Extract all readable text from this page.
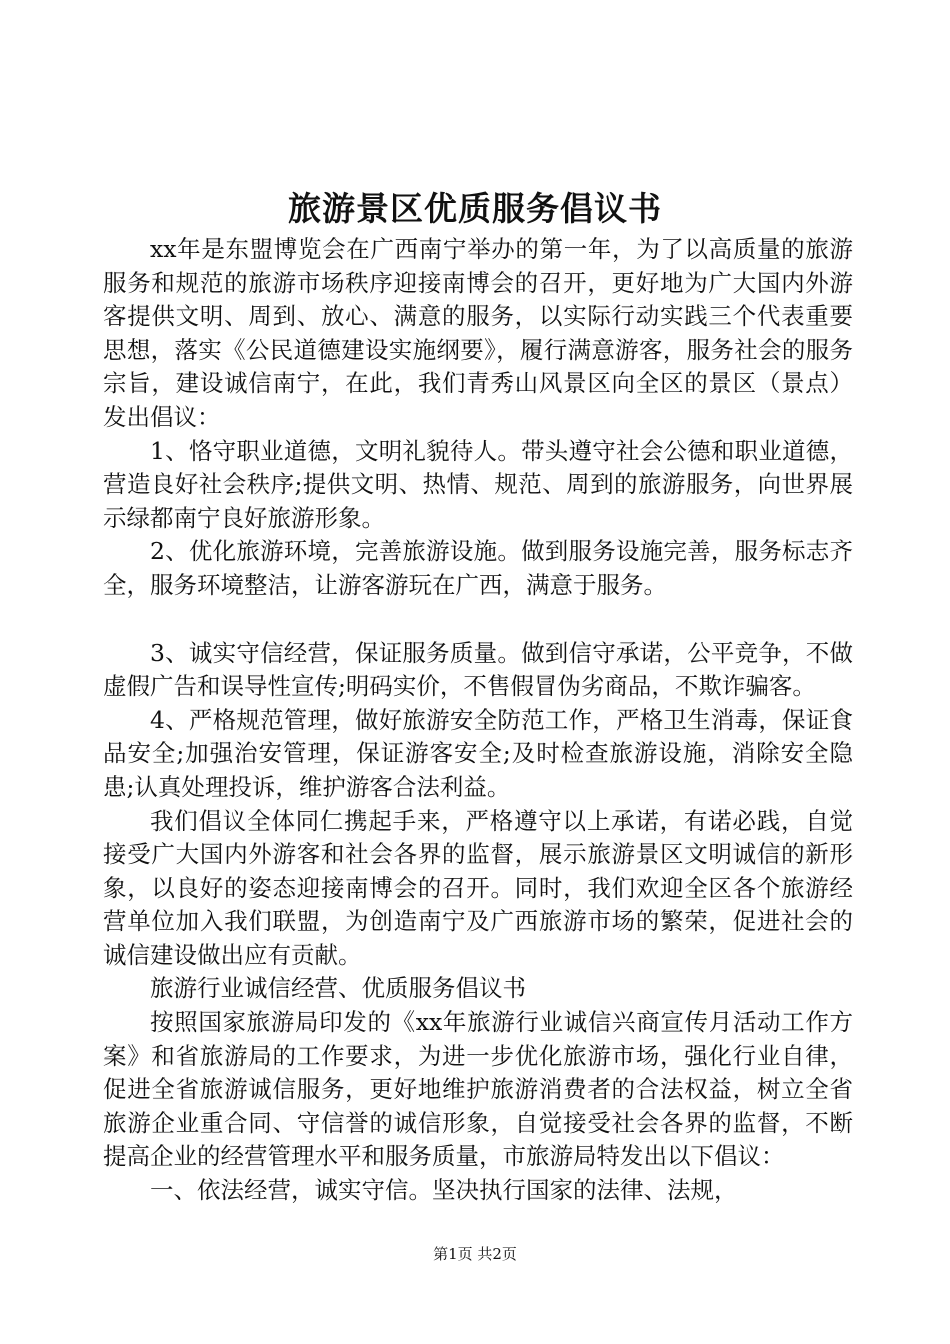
旅游景区优质服务倡议书

xx年是东盟博览会在广西南宁举办的第一年，为了以高质量的旅游服务和规范的旅游市场秩序迎接南博会的召开，更好地为广大国内外游客提供文明、周到、放心、满意的服务，以实际行动实践三个代表重要思想，落实《公民道德建设实施纲要》，履行满意游客，服务社会的服务宗旨，建设诚信南宁，在此，我们青秀山风景区向全区的景区（景点）发出倡议：

1、恪守职业道德，文明礼貌待人。带头遵守社会公德和职业道德，营造良好社会秩序;提供文明、热情、规范、周到的旅游服务，向世界展示绿都南宁良好旅游形象。

2、优化旅游环境，完善旅游设施。做到服务设施完善，服务标志齐全，服务环境整洁，让游客游玩在广西，满意于服务。

3、诚实守信经营，保证服务质量。做到信守承诺，公平竞争，不做虚假广告和误导性宣传;明码实价，不售假冒伪劣商品，不欺诈骗客。

4、严格规范管理，做好旅游安全防范工作，严格卫生消毒，保证食品安全;加强治安管理，保证游客安全;及时检查旅游设施，消除安全隐患;认真处理投诉，维护游客合法利益。

我们倡议全体同仁携起手来，严格遵守以上承诺，有诺必践，自觉接受广大国内外游客和社会各界的监督，展示旅游景区文明诚信的新形象，以良好的姿态迎接南博会的召开。同时，我们欢迎全区各个旅游经营单位加入我们联盟，为创造南宁及广西旅游市场的繁荣，促进社会的诚信建设做出应有贡献。

旅游行业诚信经营、优质服务倡议书

按照国家旅游局印发的《xx年旅游行业诚信兴商宣传月活动工作方案》和省旅游局的工作要求，为进一步优化旅游市场，强化行业自律，促进全省旅游诚信服务，更好地维护旅游消费者的合法权益，树立全省旅游企业重合同、守信誉的诚信形象，自觉接受社会各界的监督，不断提高企业的经营管理水平和服务质量，市旅游局特发出以下倡议：

一、依法经营，诚实守信。坚决执行国家的法律、法规，

第1页 共2页
